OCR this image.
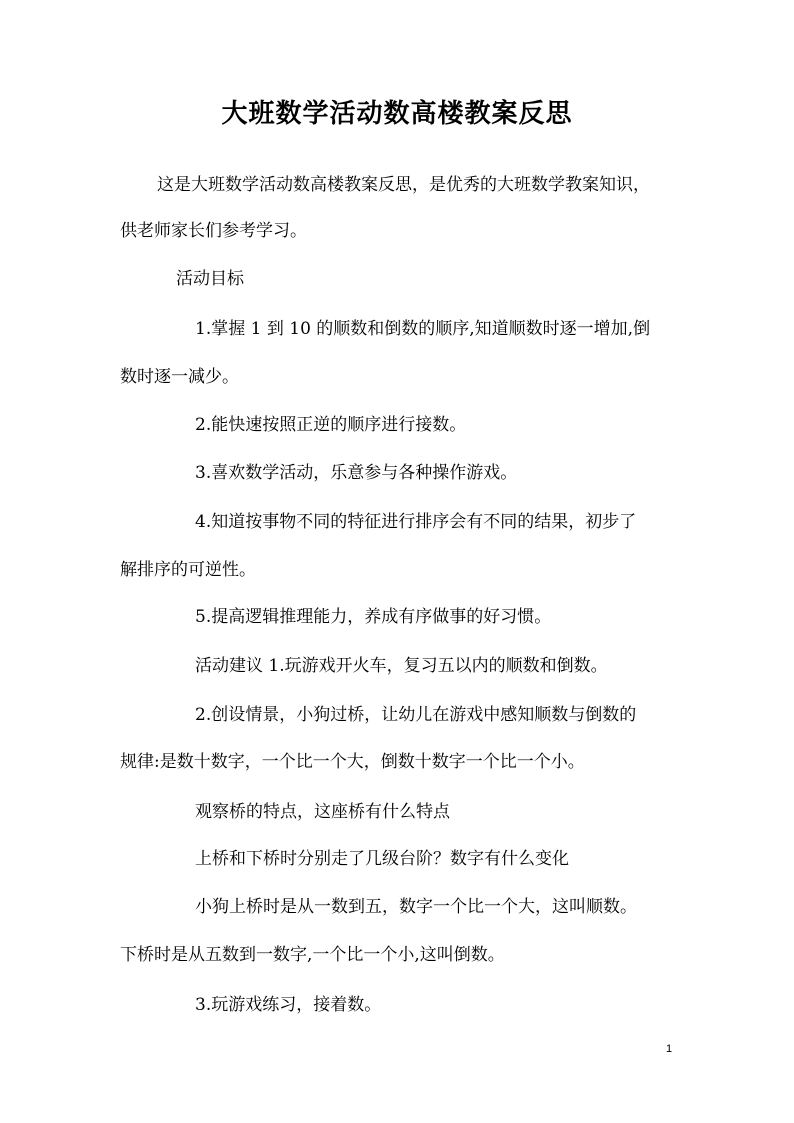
大班数学活动数高楼教案反思
这是大班数学活动数高楼教案反思，是优秀的大班数学教案知识，
供老师家长们参考学习。
活动目标
1.掌握 1 到 10 的顺数和倒数的顺序,知道顺数时逐一增加,倒
数时逐一减少。
2.能快速按照正逆的顺序进行接数。
3.喜欢数学活动，乐意参与各种操作游戏。
4.知道按事物不同的特征进行排序会有不同的结果，初步了
解排序的可逆性。
5.提高逻辑推理能力，养成有序做事的好习惯。
活动建议 1.玩游戏开火车，复习五以内的顺数和倒数。
2.创设情景，小狗过桥，让幼儿在游戏中感知顺数与倒数的
规律:是数十数字，一个比一个大，倒数十数字一个比一个小。
观察桥的特点，这座桥有什么特点
上桥和下桥时分别走了几级台阶？数字有什么变化
小狗上桥时是从一数到五，数字一个比一个大，这叫顺数。
下桥时是从五数到一数字,一个比一个小,这叫倒数。
3.玩游戏练习，接着数。
1
